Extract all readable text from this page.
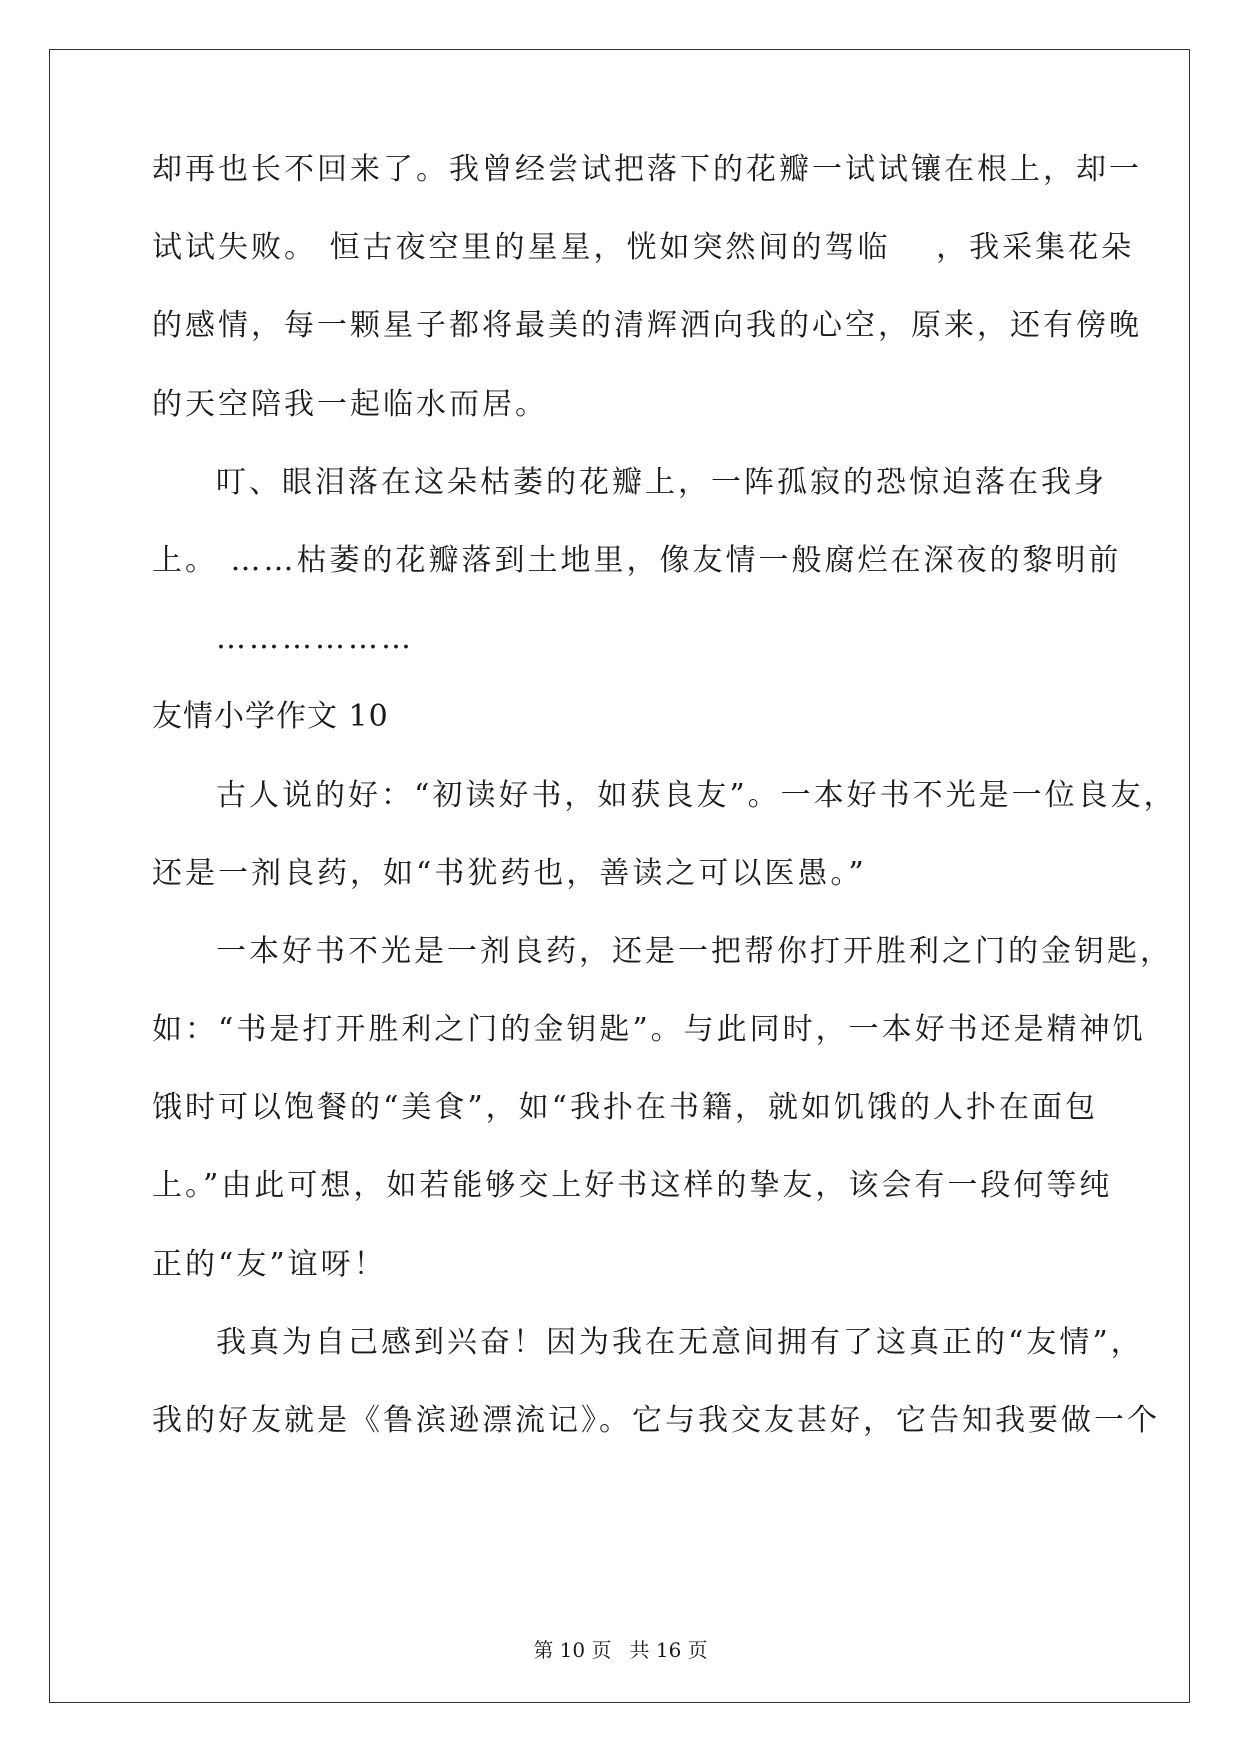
却再也长不回来了。我曾经尝试把落下的花瓣一试试镶在根上，却一
试试失败。 恒古夜空里的星星，恍如突然间的驾临　 ，我采集花朵
的感情，每一颗星子都将最美的清辉洒向我的心空，原来，还有傍晚
的天空陪我一起临水而居。
叮、眼泪落在这朵枯萎的花瓣上，一阵孤寂的恐惊迫落在我身
上。 ……枯萎的花瓣落到土地里，像友情一般腐烂在深夜的黎明前
………………
友情小学作文 10
古人说的好：“初读好书，如获良友”。一本好书不光是一位良友，
还是一剂良药，如“书犹药也，善读之可以医愚。”
一本好书不光是一剂良药，还是一把帮你打开胜利之门的金钥匙，
如：“书是打开胜利之门的金钥匙”。与此同时，一本好书还是精神饥
饿时可以饱餐的“美食”，如“我扑在书籍，就如饥饿的人扑在面包
上。”由此可想，如若能够交上好书这样的挚友，该会有一段何等纯
正的“友”谊呀！
我真为自己感到兴奋！因为我在无意间拥有了这真正的“友情”，
我的好友就是《鲁滨逊漂流记》。它与我交友甚好，它告知我要做一个
第 10 页 共 16 页
